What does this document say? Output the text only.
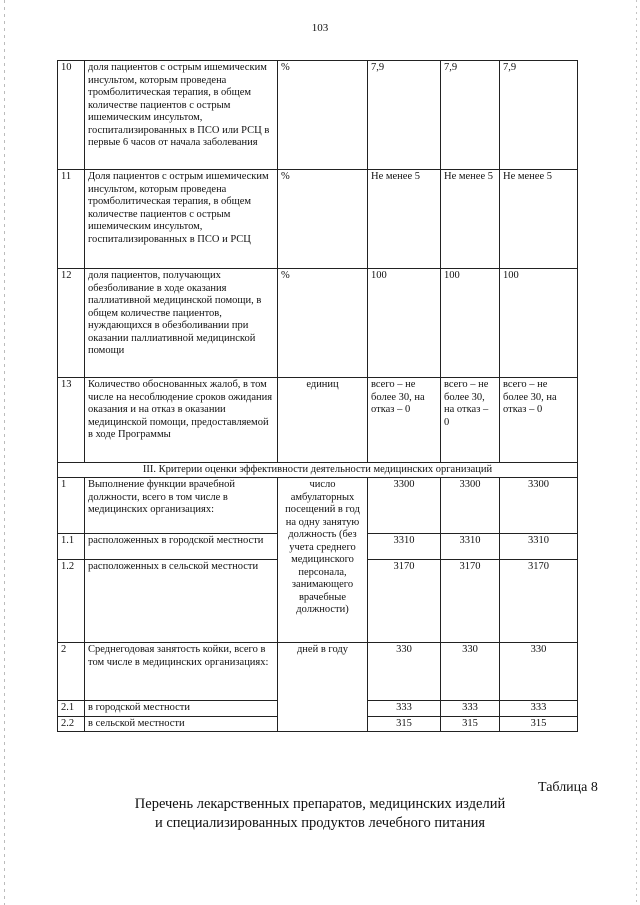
103
10	доля пациентов с острым ишемическим инсультом, которым проведена тромболитическая терапия, в общем количестве пациентов с острым ишемическим инсультом, госпитализированных в ПСО или РСЦ в первые 6 часов от начала заболевания	%	7,9	7,9	7,9
11	Доля пациентов с острым ишемическим инсультом, которым проведена тромболитическая терапия, в общем количестве пациентов с острым ишемическим инсультом, госпитализированных в ПСО и РСЦ	%	Не менее 5	Не менее 5	Не менее 5
12	доля пациентов, получающих обезболивание в ходе оказания паллиативной медицинской помощи, в общем количестве пациентов, нуждающихся в обезболивании при оказании паллиативной медицинской помощи	%	100	100	100
13	Количество обоснованных жалоб, в том числе на несоблюдение сроков ожидания оказания и на отказ в оказании медицинской помощи, предоставляемой в ходе Программы	единиц	всего – не более 30, на отказ – 0	всего – не более 30, на отказ – 0	всего – не более 30, на отказ – 0
III. Критерии оценки эффективности деятельности медицинских организаций					
1	Выполнение функции врачебной должности, всего в том числе в медицинских организациях:	число амбулаторных посещений в год на одну занятую должность (без учета среднего медицинского персонала, занимающего врачебные должности)	3300	3300	3300
1.1	расположенных в городской местности		3310	3310	3310
1.2	расположенных в сельской местности		3170	3170	3170
2	Среднегодовая занятость койки, всего в том числе в медицинских организациях:	дней в году	330	330	330
2.1	в городской местности		333	333	333
2.2	в сельской местности		315	315	315
Таблица 8
Перечень лекарственных препаратов, медицинских изделий
и специализированных продуктов лечебного питания
